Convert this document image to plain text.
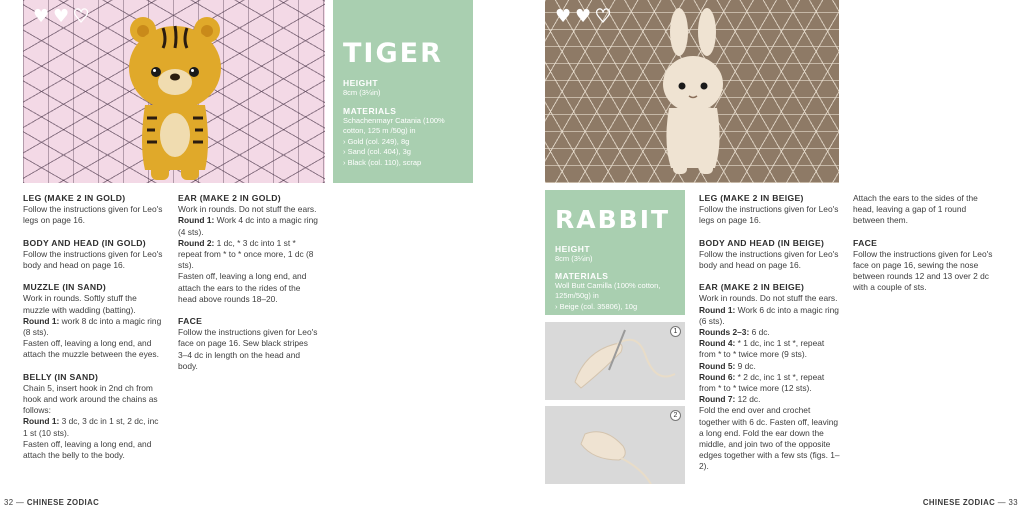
♥ ♥ ♥
TIGER
HEIGHT
8cm (3¼in)
MATERIALS
Schachenmayr Catania (100% cotton, 125 m /50g) in
› Gold (col. 249), 8g
› Sand (col. 404), 3g
› Black (col. 110), scrap
LEG (MAKE 2 IN GOLD)

Follow the instructions given for Leo's legs on page 16.

BODY AND HEAD (IN GOLD)

Follow the instructions given for Leo's body and head on page 16.

MUZZLE (IN SAND)

Work in rounds. Softly stuff the muzzle with wadding (batting).

Round 1: work 8 dc into a magic ring (8 sts).

Fasten off, leaving a long end, and attach the muzzle between the eyes.

BELLY (IN SAND)

Chain 5, insert hook in 2nd ch from hook and work around the chains as follows:

Round 1: 3 dc, 3 dc in 1 st, 2 dc, inc 1 st (10 sts).

Fasten off, leaving a long end, and attach the belly to the body.

EAR (MAKE 2 IN GOLD)

Work in rounds. Do not stuff the ears.

Round 1: Work 4 dc into a magic ring (4 sts).

Round 2: 1 dc, * 3 dc into 1 st * repeat from * to * once more, 1 dc (8 sts).

Fasten off, leaving a long end, and attach the ears to the rides of the head above rounds 18–20.

FACE

Follow the instructions given for Leo's face on page 16. Sew black stripes 3–4 dc in length on the head and body.

32 — CHINESE ZODIAC
♥ ♥ ♥
RABBIT
HEIGHT
8cm (3¼in)
MATERIALS
Woll Butt Camilla (100% cotton, 125m/50g) in
› Beige (col. 35806), 10g
1
2
LEG (MAKE 2 IN BEIGE)

Follow the instructions given for Leo's legs on page 16.

BODY AND HEAD (IN BEIGE)

Follow the instructions given for Leo's body and head on page 16.

EAR (MAKE 2 IN BEIGE)

Work in rounds. Do not stuff the ears.

Round 1: Work 6 dc into a magic ring (6 sts).

Rounds 2–3: 6 dc.

Round 4: * 1 dc, inc 1 st *, repeat from * to * twice more (9 sts).

Round 5: 9 dc.

Round 6: * 2 dc, inc 1 st *, repeat from * to * twice more (12 sts).

Round 7: 12 dc.

Fold the end over and crochet together with 6 dc. Fasten off, leaving a long end. Fold the ear down the middle, and join two of the opposite edges together with a few sts (figs. 1–2).

Attach the ears to the sides of the head, leaving a gap of 1 round between them.

FACE

Follow the instructions given for Leo's face on page 16, sewing the nose between rounds 12 and 13 over 2 dc with a couple of sts.

CHINESE ZODIAC — 33
